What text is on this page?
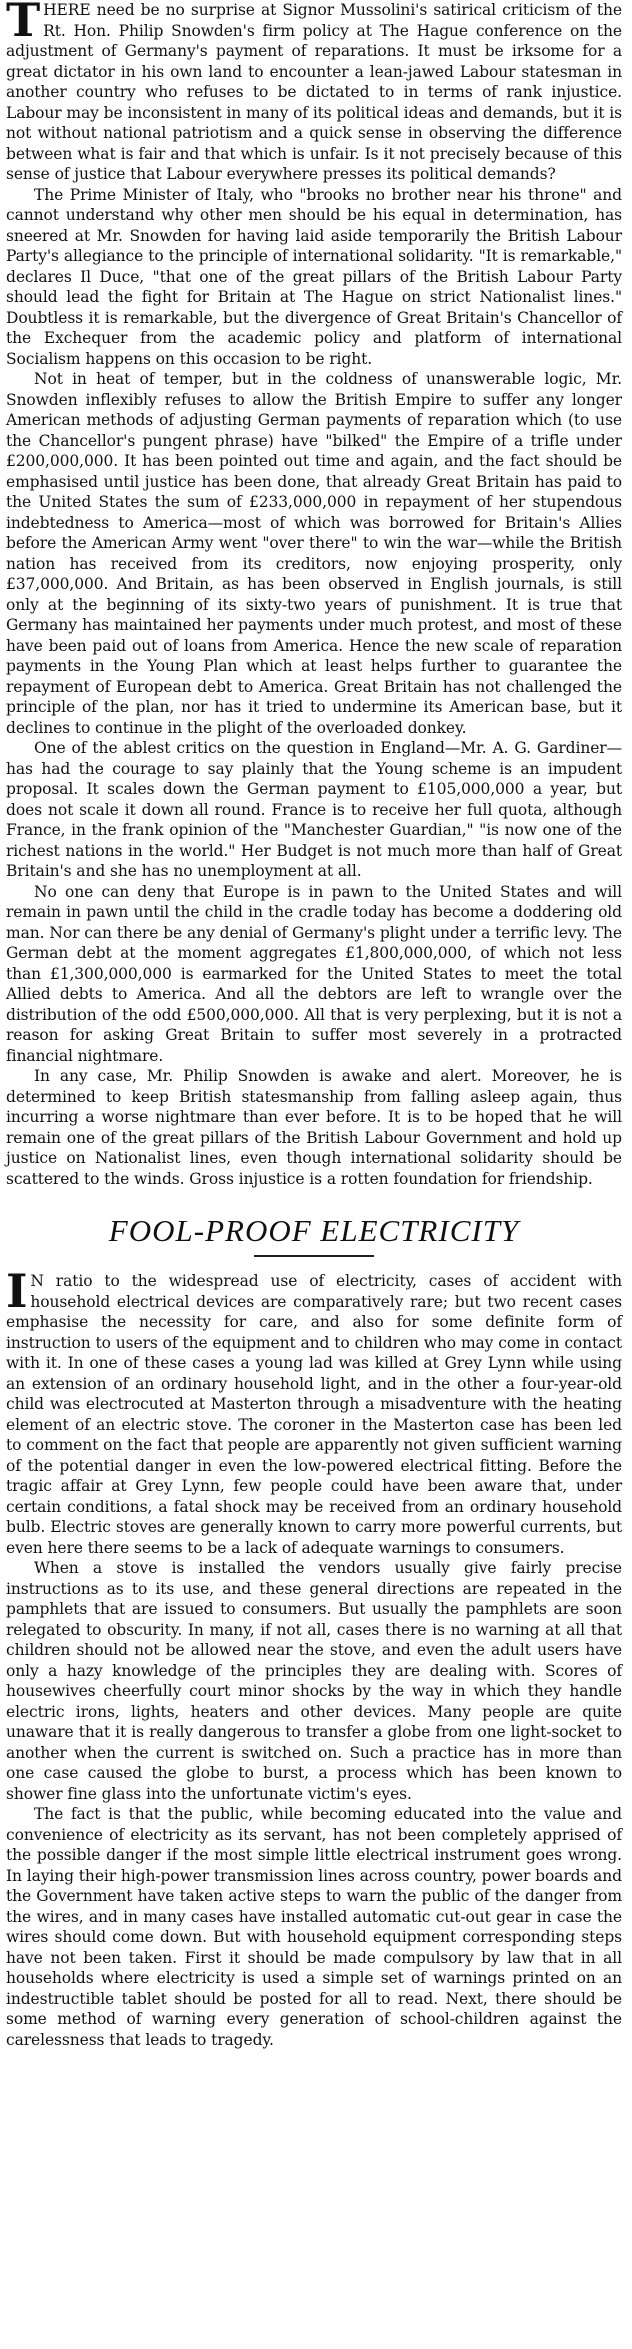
THERE need be no surprise at Signor Mussolini's satirical criticism of the Rt. Hon. Philip Snowden's firm policy at The Hague conference on the adjustment of Germany's payment of reparations. It must be irksome for a great dictator in his own land to encounter a lean-jawed Labour statesman in another country who refuses to be dictated to in terms of rank injustice. Labour may be inconsistent in many of its political ideas and demands, but it is not without national patriotism and a quick sense in observing the difference between what is fair and that which is unfair. Is it not precisely because of this sense of justice that Labour everywhere presses its political demands?

The Prime Minister of Italy, who "brooks no brother near his throne" and cannot understand why other men should be his equal in determination, has sneered at Mr. Snowden for having laid aside temporarily the British Labour Party's allegiance to the principle of international solidarity. "It is remarkable," declares Il Duce, "that one of the great pillars of the British Labour Party should lead the fight for Britain at The Hague on strict Nationalist lines." Doubtless it is remarkable, but the divergence of Great Britain's Chancellor of the Exchequer from the academic policy and platform of international Socialism happens on this occasion to be right.

Not in heat of temper, but in the coldness of unanswerable logic, Mr. Snowden inflexibly refuses to allow the British Empire to suffer any longer American methods of adjusting German payments of reparation which (to use the Chancellor's pungent phrase) have "bilked" the Empire of a trifle under £200,000,000. It has been pointed out time and again, and the fact should be emphasised until justice has been done, that already Great Britain has paid to the United States the sum of £233,000,000 in repayment of her stupendous indebtedness to America—most of which was borrowed for Britain's Allies before the American Army went "over there" to win the war—while the British nation has received from its creditors, now enjoying prosperity, only £37,000,000. And Britain, as has been observed in English journals, is still only at the beginning of its sixty-two years of punishment. It is true that Germany has maintained her payments under much protest, and most of these have been paid out of loans from America. Hence the new scale of reparation payments in the Young Plan which at least helps further to guarantee the repayment of European debt to America. Great Britain has not challenged the principle of the plan, nor has it tried to undermine its American base, but it declines to continue in the plight of the overloaded donkey.

One of the ablest critics on the question in England—Mr. A. G. Gardiner—has had the courage to say plainly that the Young scheme is an impudent proposal. It scales down the German payment to £105,000,000 a year, but does not scale it down all round. France is to receive her full quota, although France, in the frank opinion of the "Manchester Guardian," "is now one of the richest nations in the world." Her Budget is not much more than half of Great Britain's and she has no unemployment at all.

No one can deny that Europe is in pawn to the United States and will remain in pawn until the child in the cradle today has become a doddering old man. Nor can there be any denial of Germany's plight under a terrific levy. The German debt at the moment aggregates £1,800,000,000, of which not less than £1,300,000,000 is earmarked for the United States to meet the total Allied debts to America. And all the debtors are left to wrangle over the distribution of the odd £500,000,000. All that is very perplexing, but it is not a reason for asking Great Britain to suffer most severely in a protracted financial nightmare.

In any case, Mr. Philip Snowden is awake and alert. Moreover, he is determined to keep British statesmanship from falling asleep again, thus incurring a worse nightmare than ever before. It is to be hoped that he will remain one of the great pillars of the British Labour Government and hold up justice on Nationalist lines, even though international solidarity should be scattered to the winds. Gross injustice is a rotten foundation for friendship.

FOOL-PROOF ELECTRICITY

I N ratio to the widespread use of electricity, cases of accident with household electrical devices are comparatively rare; but two recent cases emphasise the necessity for care, and also for some definite form of instruction to users of the equipment and to children who may come in contact with it. In one of these cases a young lad was killed at Grey Lynn while using an extension of an ordinary household light, and in the other a four-year-old child was electrocuted at Masterton through a misadventure with the heating element of an electric stove. The coroner in the Masterton case has been led to comment on the fact that people are apparently not given sufficient warning of the potential danger in even the low-powered electrical fitting. Before the tragic affair at Grey Lynn, few people could have been aware that, under certain conditions, a fatal shock may be received from an ordinary household bulb. Electric stoves are generally known to carry more powerful currents, but even here there seems to be a lack of adequate warnings to consumers.

When a stove is installed the vendors usually give fairly precise instructions as to its use, and these general directions are repeated in the pamphlets that are issued to consumers. But usually the pamphlets are soon relegated to obscurity. In many, if not all, cases there is no warning at all that children should not be allowed near the stove, and even the adult users have only a hazy knowledge of the principles they are dealing with. Scores of housewives cheerfully court minor shocks by the way in which they handle electric irons, lights, heaters and other devices. Many people are quite unaware that it is really dangerous to transfer a globe from one light-socket to another when the current is switched on. Such a practice has in more than one case caused the globe to burst, a process which has been known to shower fine glass into the unfortunate victim's eyes.

The fact is that the public, while becoming educated into the value and convenience of electricity as its servant, has not been completely apprised of the possible danger if the most simple little electrical instrument goes wrong. In laying their high-power transmission lines across country, power boards and the Government have taken active steps to warn the public of the danger from the wires, and in many cases have installed automatic cut-out gear in case the wires should come down. But with household equipment corresponding steps have not been taken. First it should be made compulsory by law that in all households where electricity is used a simple set of warnings printed on an indestructible tablet should be posted for all to read. Next, there should be some method of warning every generation of school-children against the carelessness that leads to tragedy.
